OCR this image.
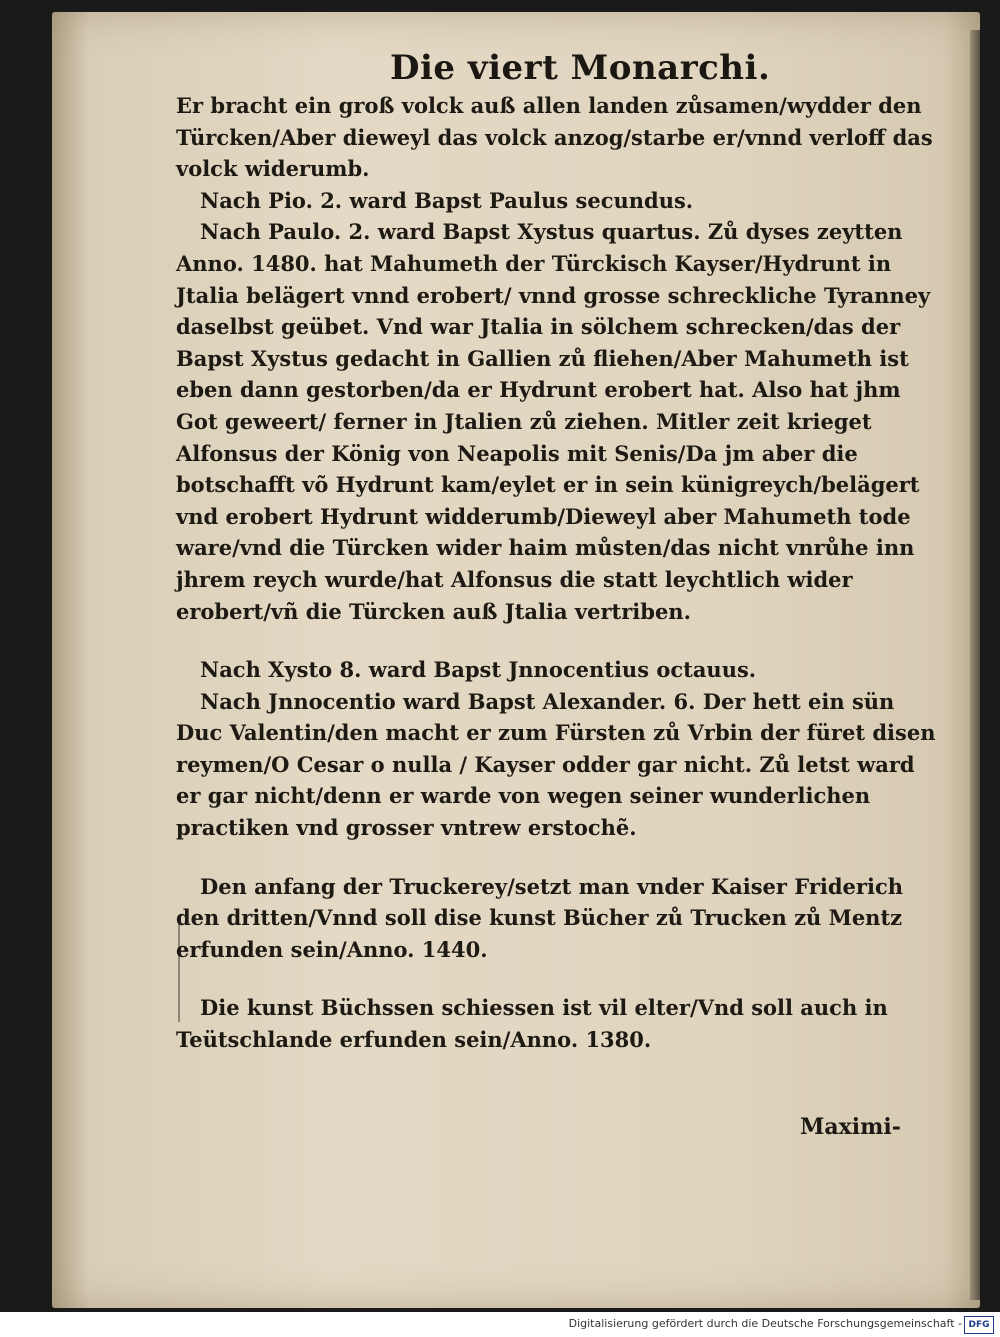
Die viert Monarchi.

Er bracht ein groß volck auß allen landen zůsamen/wydder den Türcken/Aber dieweyl das volck anzog/starbe er/vnnd verloff das volck widerumb.

Nach Pio. 2. ward Bapst Paulus secundus.

Nach Paulo. 2. ward Bapst Xystus quartus. Zů dyses zeytten Anno. 1480. hat Mahumeth der Türckisch Kayser/Hydrunt in Jtalia belägert vnnd erobert/ vnnd grosse schreckliche Tyranney daselbst geübet. Vnd war Jtalia in sölchem schrecken/das der Bapst Xystus gedacht in Gallien zů fliehen/Aber Mahumeth ist eben dann gestorben/da er Hydrunt erobert hat. Also hat jhm Got geweert/ ferner in Jtalien zů ziehen. Mitler zeit krieget Alfonsus der König von Neapolis mit Senis/Da jm aber die botschafft võ Hydrunt kam/eylet er in sein künigreych/belägert vnd erobert Hydrunt widderumb/Dieweyl aber Mahumeth tode ware/vnd die Türcken wider haim můsten/das nicht vnrůhe inn jhrem reych wurde/hat Alfonsus die statt leychtlich wider erobert/vñ die Türcken auß Jtalia vertriben.

Nach Xysto 8. ward Bapst Jnnocentius octauus.

Nach Jnnocentio ward Bapst Alexander. 6. Der hett ein sün Duc Valentin/den macht er zum Fürsten zů Vrbin der füret disen reymen/O Cesar o nulla / Kayser odder gar nicht. Zů letst ward er gar nicht/denn er warde von wegen seiner wunderlichen practiken vnd grosser vntrew erstochẽ.

Den anfang der Truckerey/setzt man vnder Kaiser Friderich den dritten/Vnnd soll dise kunst Bücher zů Trucken zů Mentz erfunden sein/Anno. 1440.

Die kunst Büchssen schiessen ist vil elter/Vnd soll auch in Teütschlande erfunden sein/Anno. 1380.

Maximi-
Digitalisierung gefördert durch die Deutsche Forschungsgemeinschaft - DFG
